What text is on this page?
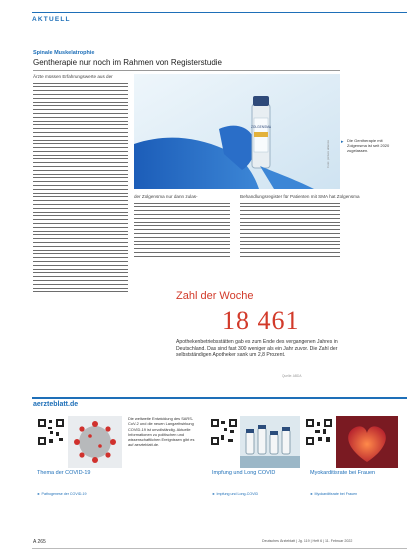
AKTUELL
Spinale Muskelatrophie
Gentherapie nur noch im Rahmen von Registerstudie
Ärzte müssen Erfahrungswerte aus der
ZOLGENSMA
Foto: picture alliance ▸ Die Gentherapie mit Zolgensma ist seit 2020 zugelassen.
der Zolgensma nur dann zulas-	Behandlungsregister für Patienten mit SMA hat Zolgensma
Zahl der Woche
18 461
Apothekenbetriebsstätten gab es zum Ende des vergangenen Jahres in Deutschland. Das sind fast 300 weniger als ein Jahr zuvor. Die Zahl der selbstständigen Apotheker sank um 2,8 Prozent.
Quelle: ABDA
aerzteblatt.de
Die weltweite Entwicklung des SARS-CoV-2 und die neuen Langzeitwirkung COVID-19 ist unvollständig. Aktuelle Informationen zu politischen und wissenschaftlichen Ereignissen gibt es auf aerzteblatt.de.
Thema der COVID-19
► Pathogenese der COVID-19
Impfung und Long COVID
► Impfung und Long-COVID
Myokarditisrate bei Frauen
► Myokarditisrate bei Frauen
A 265	Deutsches Ärzteblatt | Jg. 119 | Heft 6 | 11. Februar 2022
